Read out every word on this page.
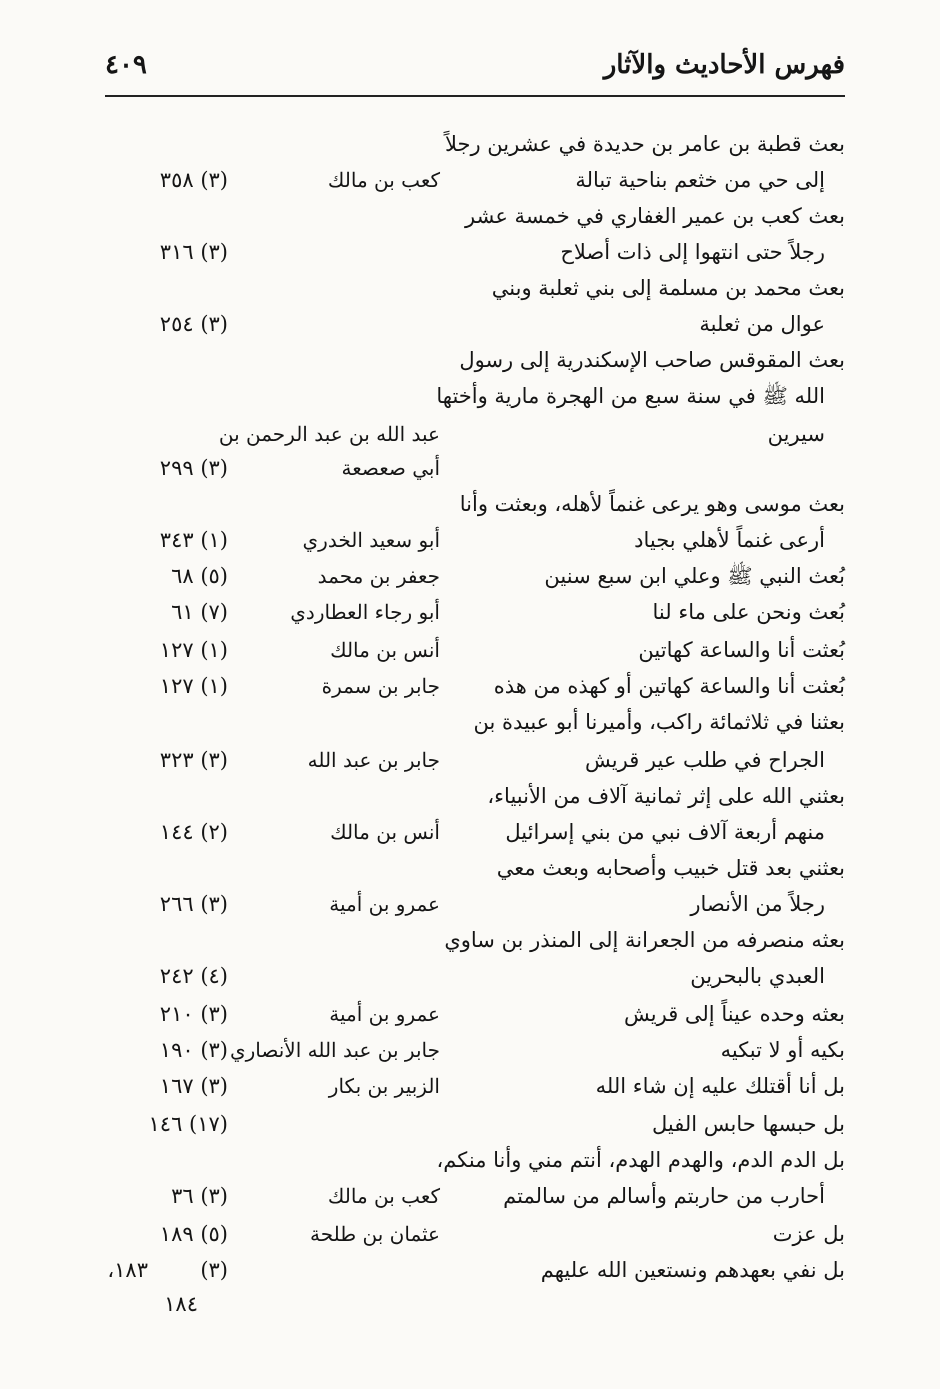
فهرس الأحاديث والآثار
٤٠٩
بعث قطبة بن عامر بن حديدة في عشرين رجلاً
إلى حي من خثعم بناحية تبالة
بعث كعب بن عمير الغفاري في خمسة عشر
رجلاً حتى انتهوا إلى ذات أصلاح
بعث محمد بن مسلمة إلى بني ثعلبة وبني
عوال من ثعلبة
بعث المقوقس صاحب الإسكندرية إلى رسول
الله ﷺ في سنة سبع من الهجرة مارية وأختها
سيرين
بعث موسى وهو يرعى غنماً لأهله، وبعثت وأنا
أرعى غنماً لأهلي بجياد
بُعث النبي ﷺ وعلي ابن سبع سنين
بُعث ونحن على ماء لنا
بُعثت أنا والساعة كهاتين
بُعثت أنا والساعة كهاتين أو كهذه من هذه
بعثنا في ثلاثمائة راكب، وأميرنا أبو عبيدة بن
الجراح في طلب عير قريش
بعثني الله على إثر ثمانية آلاف من الأنبياء،
منهم أربعة آلاف نبي من بني إسرائيل
بعثني بعد قتل خبيب وأصحابه وبعث معي
رجلاً من الأنصار
بعثه منصرفه من الجعرانة إلى المنذر بن ساوي
العبدي بالبحرين
بعثه وحده عيناً إلى قريش
بكيه أو لا تبكيه
بل أنا أقتلك عليه إن شاء الله
بل حبسها حابس الفيل
بل الدم الدم، والهدم الهدم، أنتم مني وأنا منكم،
أحارب من حاربتم وأسالم من سالمتم
بل عزت
بل نفي بعهدهم ونستعين الله عليهم
كعب بن مالك
عبد الله بن عبد الرحمن بن
أبي صعصعة
أبو سعيد الخدري
جعفر بن محمد
أبو رجاء العطاردي
أنس بن مالك
جابر بن سمرة
جابر بن عبد الله
أنس بن مالك
عمرو بن أمية
عمرو بن أمية
جابر بن عبد الله الأنصاري
الزبير بن بكار
كعب بن مالك
عثمان بن طلحة
(٣) ٣٥٨
(٣) ٣١٦
(٣) ٢٥٤
(٣) ٢٩٩
(١) ٣٤٣
(٥) ٦٨
(٧) ٦١
(١) ١٢٧
(١) ١٢٧
(٣) ٣٢٣
(٢) ١٤٤
(٣) ٢٦٦
(٤) ٢٤٢
(٣) ٢١٠
(٣) ١٩٠
(٣) ١٦٧
(١٧) ١٤٦
(٣) ٣٦
(٥) ١٨٩
(٣)
١٨٣،
١٨٤
